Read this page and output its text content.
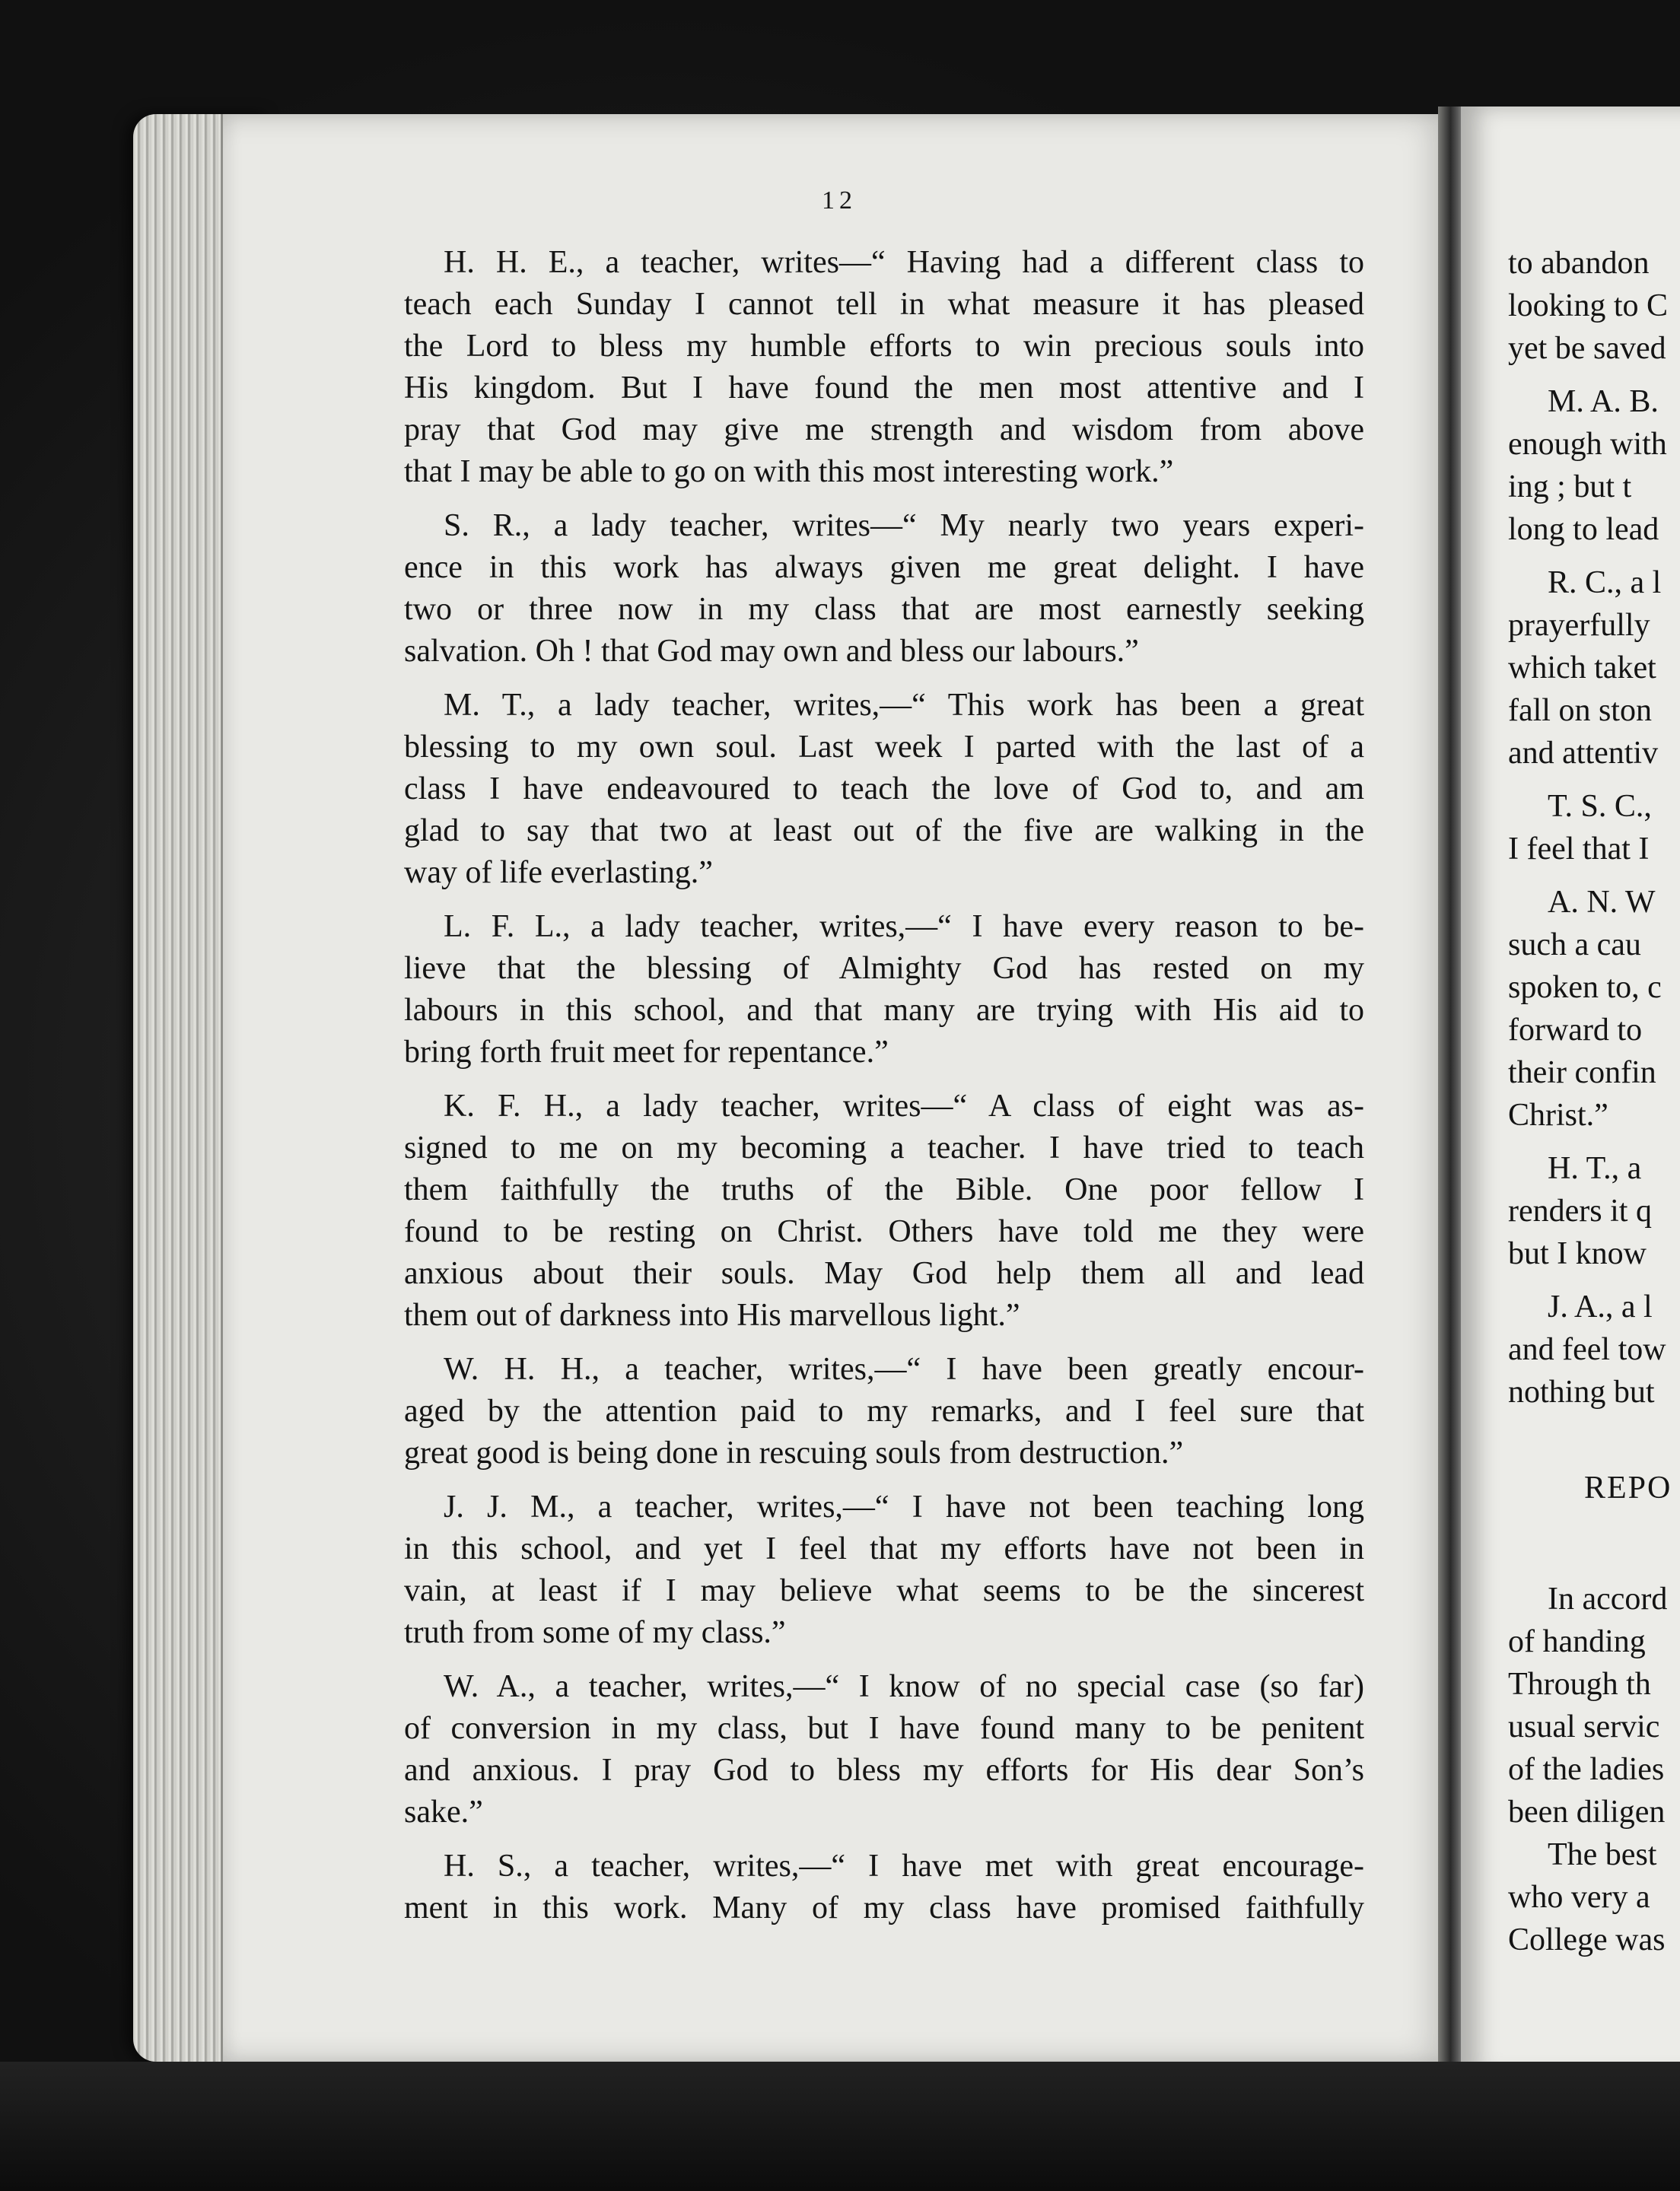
12

H. H. E., a teacher, writes—“ Having had a different class to
teach each Sunday I cannot tell in what measure it has pleased
the Lord to bless my humble efforts to win precious souls into
His kingdom. But I have found the men most attentive and I
pray that God may give me strength and wisdom from above
that I may be able to go on with this most interesting work.”

S. R., a lady teacher, writes—“ My nearly two years experi-
ence in this work has always given me great delight. I have
two or three now in my class that are most earnestly seeking
salvation. Oh ! that God may own and bless our labours.”

M. T., a lady teacher, writes,—“ This work has been a great
blessing to my own soul. Last week I parted with the last of a
class I have endeavoured to teach the love of God to, and am
glad to say that two at least out of the five are walking in the
way of life everlasting.”

L. F. L., a lady teacher, writes,—“ I have every reason to be-
lieve that the blessing of Almighty God has rested on my
labours in this school, and that many are trying with His aid to
bring forth fruit meet for repentance.”

K. F. H., a lady teacher, writes—“ A class of eight was as-
signed to me on my becoming a teacher. I have tried to teach
them faithfully the truths of the Bible. One poor fellow I
found to be resting on Christ. Others have told me they were
anxious about their souls. May God help them all and lead
them out of darkness into His marvellous light.”

W. H. H., a teacher, writes,—“ I have been greatly encour-
aged by the attention paid to my remarks, and I feel sure that
great good is being done in rescuing souls from destruction.”

J. J. M., a teacher, writes,—“ I have not been teaching long
in this school, and yet I feel that my efforts have not been in
vain, at least if I may believe what seems to be the sincerest
truth from some of my class.”

W. A., a teacher, writes,—“ I know of no special case (so far)
of conversion in my class, but I have found many to be penitent
and anxious. I pray God to bless my efforts for His dear Son’s
sake.”

H. S., a teacher, writes,—“ I have met with great encourage-
ment in this work. Many of my class have promised faithfully

to abandon
looking to C
yet be saved
M. A. B.
enough with
ing ; but t
long to lead
R. C., a l
prayerfully
which taket
fall on ston
and attentiv
T. S. C.,
I feel that I
A. N. W
such a cau
spoken to, c
forward to
their confin
Christ.”
H. T., a
renders it q
but I know
J. A., a l
and feel tow
nothing but
REPO
In accord
of handing
Through th
usual servic
of the ladies
been diligen
The best
who very a
College was
